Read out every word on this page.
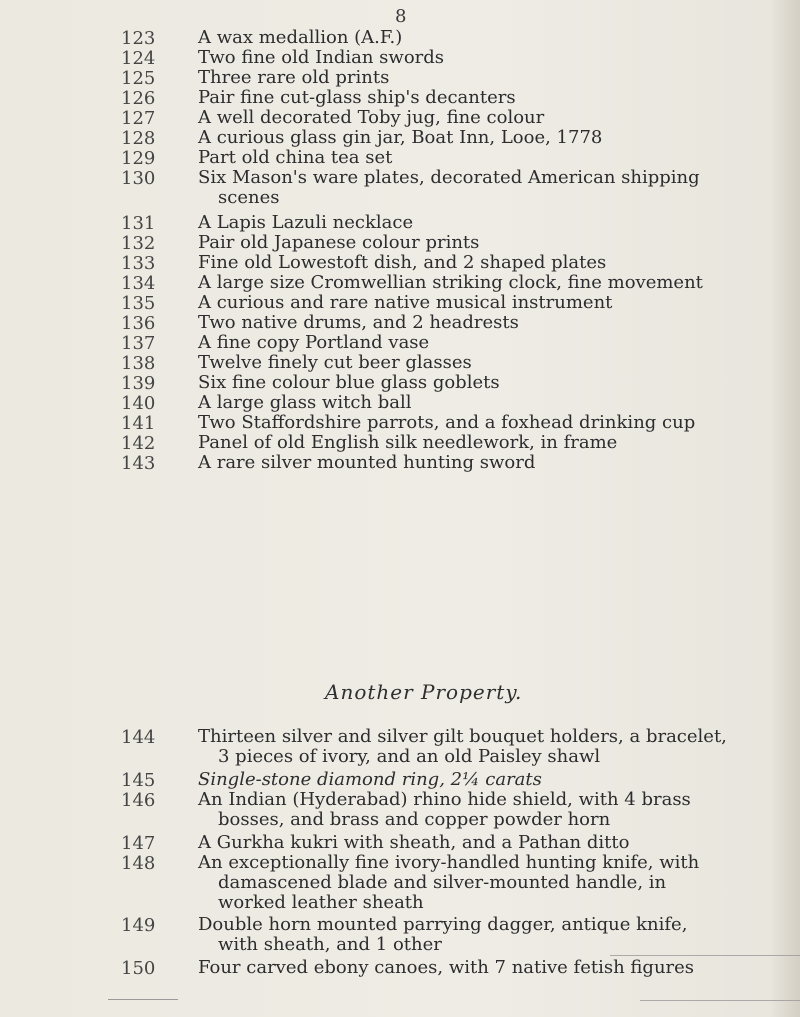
8
123 A wax medallion (A.F.)
124 Two fine old Indian swords
125 Three rare old prints
126 Pair fine cut-glass ship's decanters
127 A well decorated Toby jug, fine colour
128 A curious glass gin jar, Boat Inn, Looe, 1778
129 Part old china tea set
130 Six Mason's ware plates, decorated American shipping
scenes
131 A Lapis Lazuli necklace
132 Pair old Japanese colour prints
133 Fine old Lowestoft dish, and 2 shaped plates
134 A large size Cromwellian striking clock, fine movement
135 A curious and rare native musical instrument
136 Two native drums, and 2 headrests
137 A fine copy Portland vase
138 Twelve finely cut beer glasses
139 Six fine colour blue glass goblets
140 A large glass witch ball
141 Two Staffordshire parrots, and a foxhead drinking cup
142 Panel of old English silk needlework, in frame
143 A rare silver mounted hunting sword
Another Property.
144 Thirteen silver and silver gilt bouquet holders, a bracelet,
3 pieces of ivory, and an old Paisley shawl
145 Single-stone diamond ring, 2¼ carats
146 An Indian (Hyderabad) rhino hide shield, with 4 brass
bosses, and brass and copper powder horn
147 A Gurkha kukri with sheath, and a Pathan ditto
148 An exceptionally fine ivory-handled hunting knife, with
damascened blade and silver-mounted handle, in
worked leather sheath
149 Double horn mounted parrying dagger, antique knife,
with sheath, and 1 other
150 Four carved ebony canoes, with 7 native fetish figures
